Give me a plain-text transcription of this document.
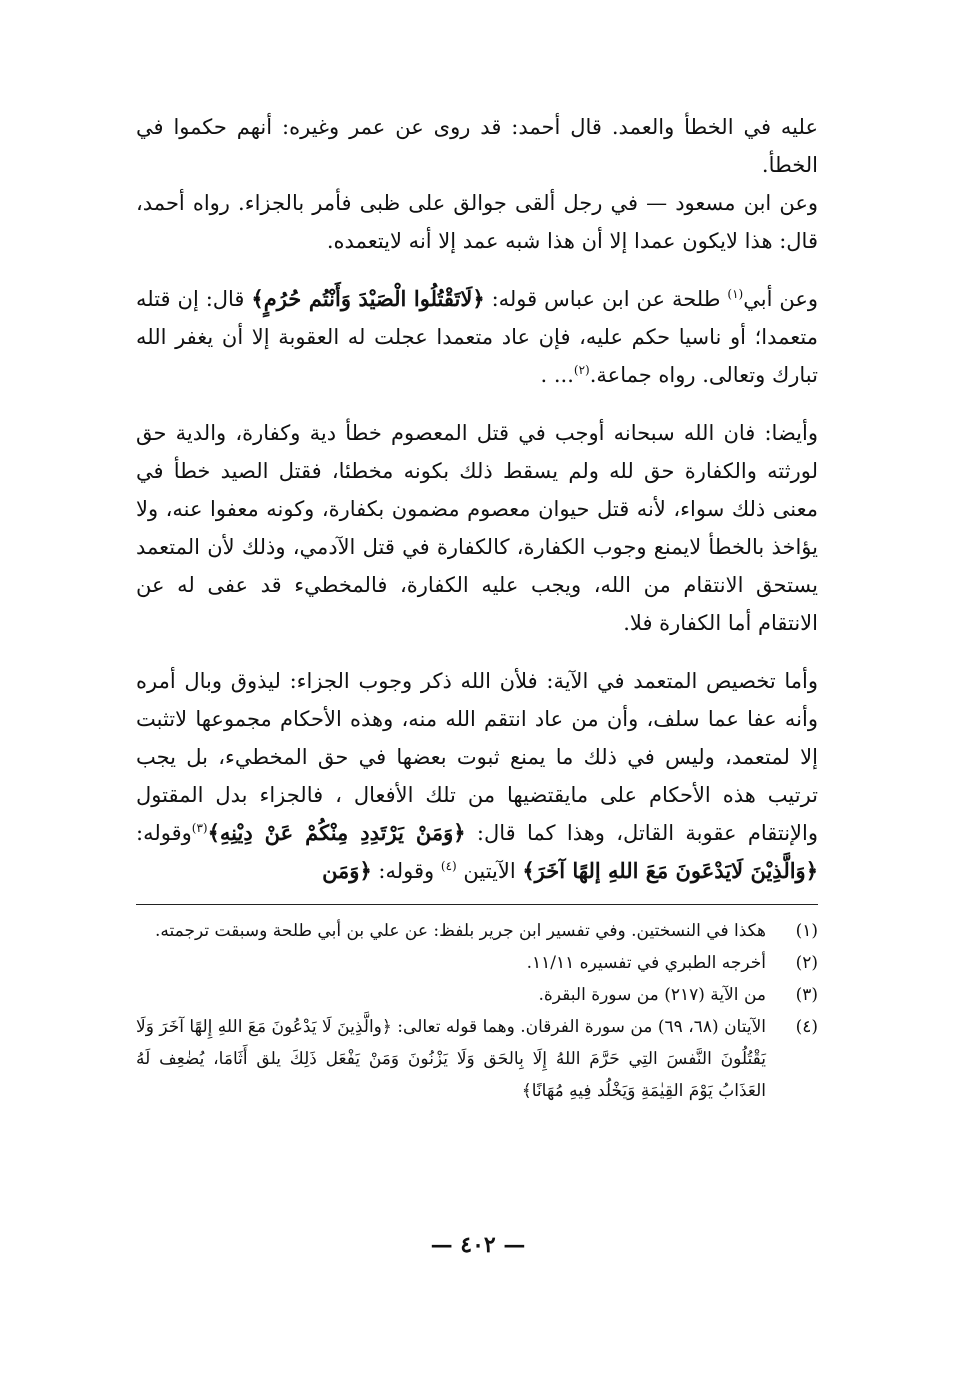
عليه في الخطأ والعمد. قال أحمد: قد روى عن عمر وغيره: أنهم حكموا في الخطأ.

وعن ابن مسعود — في رجل ألقى جوالق على ظبى فأمر بالجزاء. رواه أحمد، قال: هذا لايكون عمدا إلا أن هذا شبه عمد إلا أنه لايتعمده.

وعن أبي$^{(١)}$ طلحة عن ابن عباس قوله: ﴿لَاتَقْتُلُوا الْصَيْدَ وَأَنْتُم حُرُمٍ﴾ قال: إن قتله متعمدا؛ أو ناسيا حكم عليه، فإن عاد متعمدا عجلت له العقوبة إلا أن يغفر الله تبارك وتعالى. رواه جماعة.$^{(٢)}$... .

وأيضا: فان الله سبحانه أوجب في قتل المعصوم خطأ دية وكفارة، والدية حق لورثته والكفارة حق لله ولم يسقط ذلك بكونه مخطئا، فقتل الصيد خطأ في معنى ذلك سواء، لأنه قتل حيوان معصوم مضمون بكفارة، وكونه معفوا عنه، ولا يؤاخذ بالخطأ لايمنع وجوب الكفارة، كالكفارة في قتل الآدمي، وذلك لأن المتعمد يستحق الانتقام من الله، ويجب عليه الكفارة، فالمخطيء قد عفى له عن الانتقام أما الكفارة فلا.

وأما تخصيص المتعمد في الآية: فلأن الله ذكر وجوب الجزاء: ليذوق وبال أمره وأنه عفا عما سلف، وأن من عاد انتقم الله منه، وهذه الأحكام مجموعها لاتثبت إلا لمتعمد، وليس في ذلك ما يمنع ثبوت بعضها في حق المخطيء، بل يجب ترتيب هذه الأحكام على مايقتضيها من تلك الأفعال ، فالجزاء بدل المقتول والإنتقام عقوبة القاتل، وهذا كما قال: ﴿وَمَنْ يَرْتَدِدِ مِنْكُمْ عَنْ دِيْنِهِ﴾$^{(٣)}$وقوله: ﴿وَالَّذِيْنَ لَايَدْعَونَ مَعَ اللهِ إلهًا آخَرَ﴾ الآيتين $^{(٤)}$ وقوله: ﴿وَمَن

(١)
هكذا في النسختين. وفي تفسير ابن جرير بلفظ: عن علي بن أبي طلحة وسبقت ترجمته.
(٢)
أخرجه الطبري في تفسيره ١١/١١.
(٣)
من الآية (٢١٧) من سورة البقرة.
(٤)
الآيتان (٦٨، ٦٩) من سورة الفرقان. وهما قوله تعالى: ﴿والَّذِينَ لَا يَدْعُونَ مَعَ اللهِ إِلهًا آخَرَ وَلَا يَقْتُلُونَ النَّفسَ التِي حَرَّمَ اللهُ إِلَا بِالحَق وَلَا يَزْنُونَ وَمَنْ يَفْعَل ذَلِكَ يلق أَثَامَا، يُضٰعِف لَهُ العَذَابُ يَوْمَ القِيٰمَةِ وَيَخْلُد فِيهِ مُهَانًا﴾
— ٤٠٢ —
